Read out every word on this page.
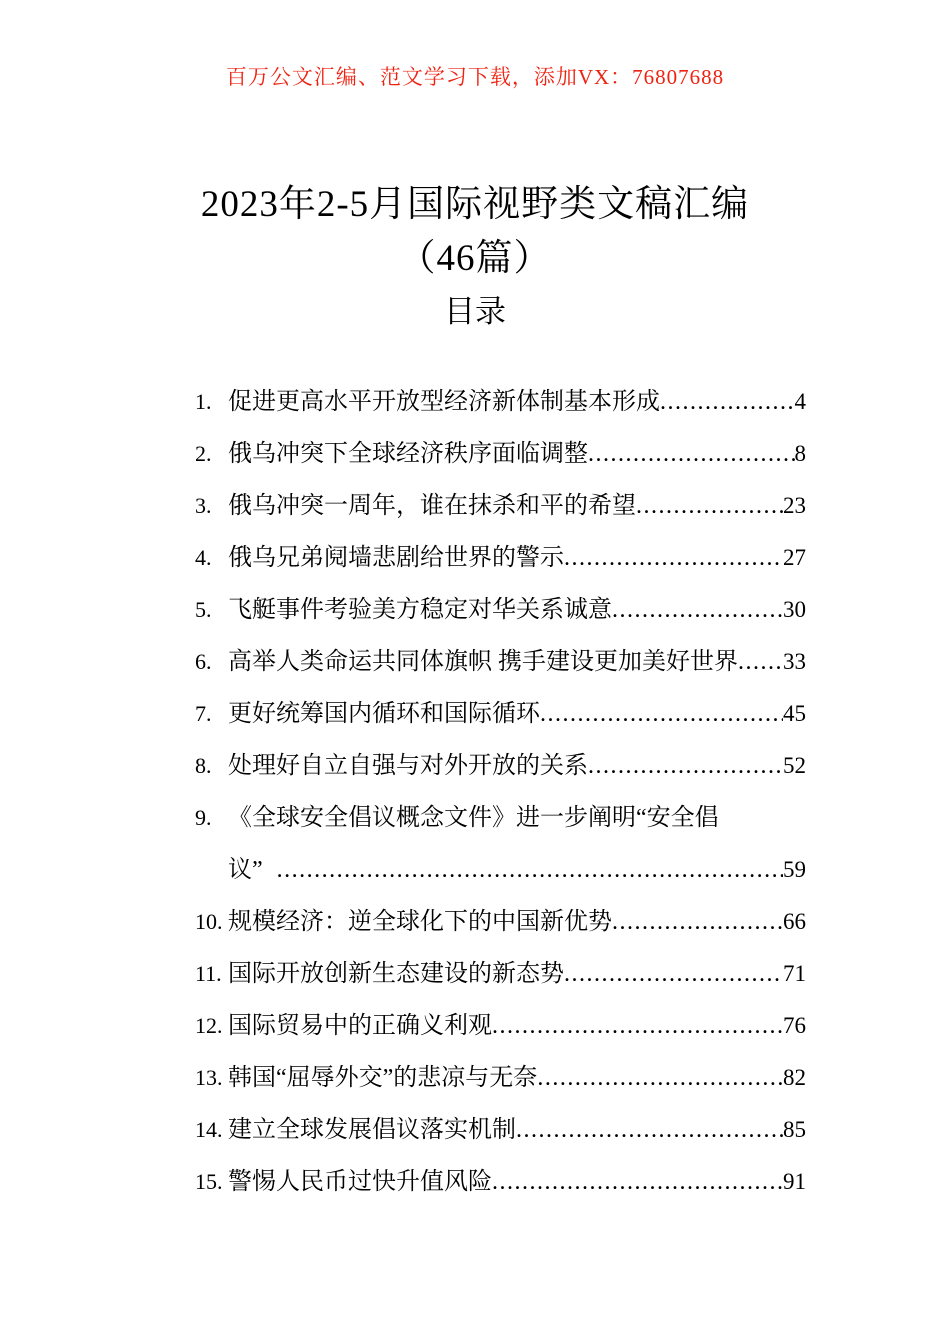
百万公文汇编、范文学习下载，添加VX：76807688
2023年2-5月国际视野类文稿汇编
（46篇）
目录
1. 促进更高水平开放型经济新体制基本形成 .....	4
2. 俄乌冲突下全球经济秩序面临调整 .....	8
3. 俄乌冲突一周年，谁在抹杀和平的希望 .....	23
4. 俄乌兄弟阋墙悲剧给世界的警示 .....	27
5. 飞艇事件考验美方稳定对华关系诚意 .....	30
6. 高举人类命运共同体旗帜 携手建设更加美好世界 ..... 33
7. 更好统筹国内循环和国际循环 .....	45
8. 处理好自立自强与对外开放的关系 .....	52
9. 《全球安全倡议概念文件》进一步阐明“安全倡
议” .....	59
10. 规模经济：逆全球化下的中国新优势 .....	66
11. 国际开放创新生态建设的新态势 .....	71
12. 国际贸易中的正确义利观 .....	76
13. 韩国“屈辱外交”的悲凉与无奈 .....	82
14. 建立全球发展倡议落实机制 .....	85
15. 警惕人民币过快升值风险 .....	91
